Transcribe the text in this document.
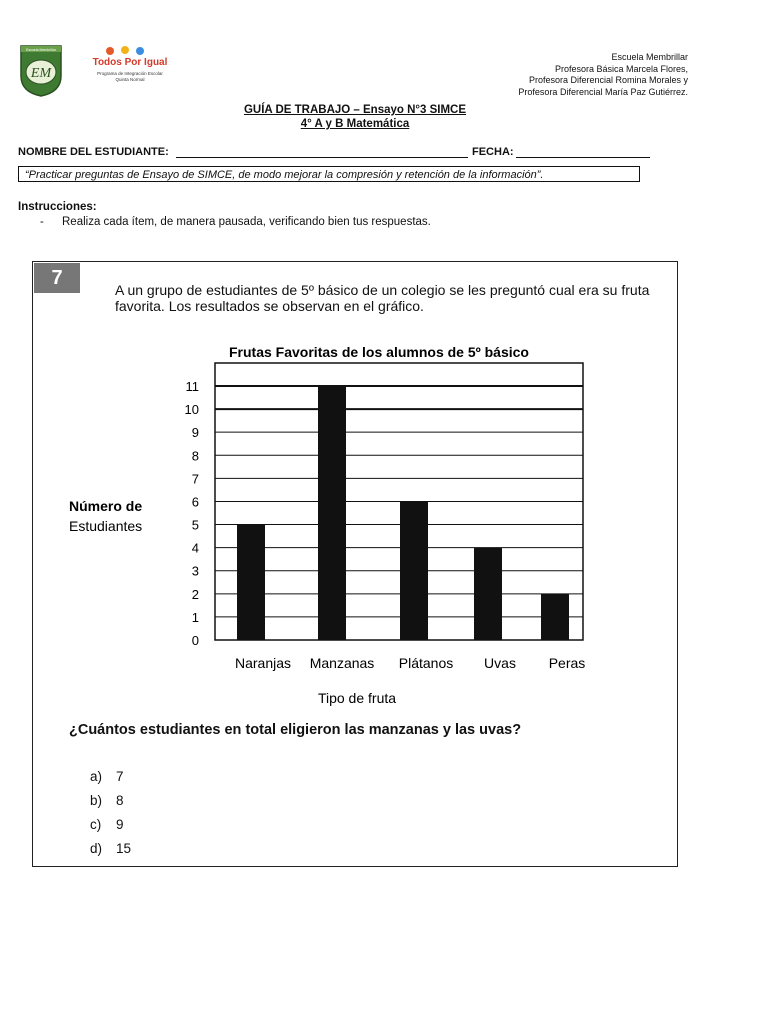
Escuela Membrillar
EM
Todos Por Igual
Programa de Integración Escolar
Quinta Normal
Escuela Membrillar
Profesora Básica Marcela Flores,
Profesora Diferencial Romina Morales y
Profesora Diferencial María Paz Gutiérrez.
GUÍA DE TRABAJO – Ensayo N°3 SIMCE
4° A y B Matemática
NOMBRE DEL ESTUDIANTE:	FECHA:
“Practicar preguntas de Ensayo de SIMCE, de modo mejorar la compresión y retención de la información”.
Instrucciones:
- Realiza cada ítem, de manera pausada, verificando bien tus respuestas.
7
A un grupo de estudiantes de 5º básico de un colegio se les preguntó cual era su fruta favorita. Los resultados se observan en el gráfico.
Frutas Favoritas de los alumnos de 5º básico
Número de
Estudiantes
Tipo de fruta
0
1
2
3
4
5
6
7
8
9
10
11
Naranjas Manzanas Plátanos Uvas Peras
¿Cuántos estudiantes en total eligieron las manzanas y las uvas?
a) 7
b) 8
c) 9
d) 15
